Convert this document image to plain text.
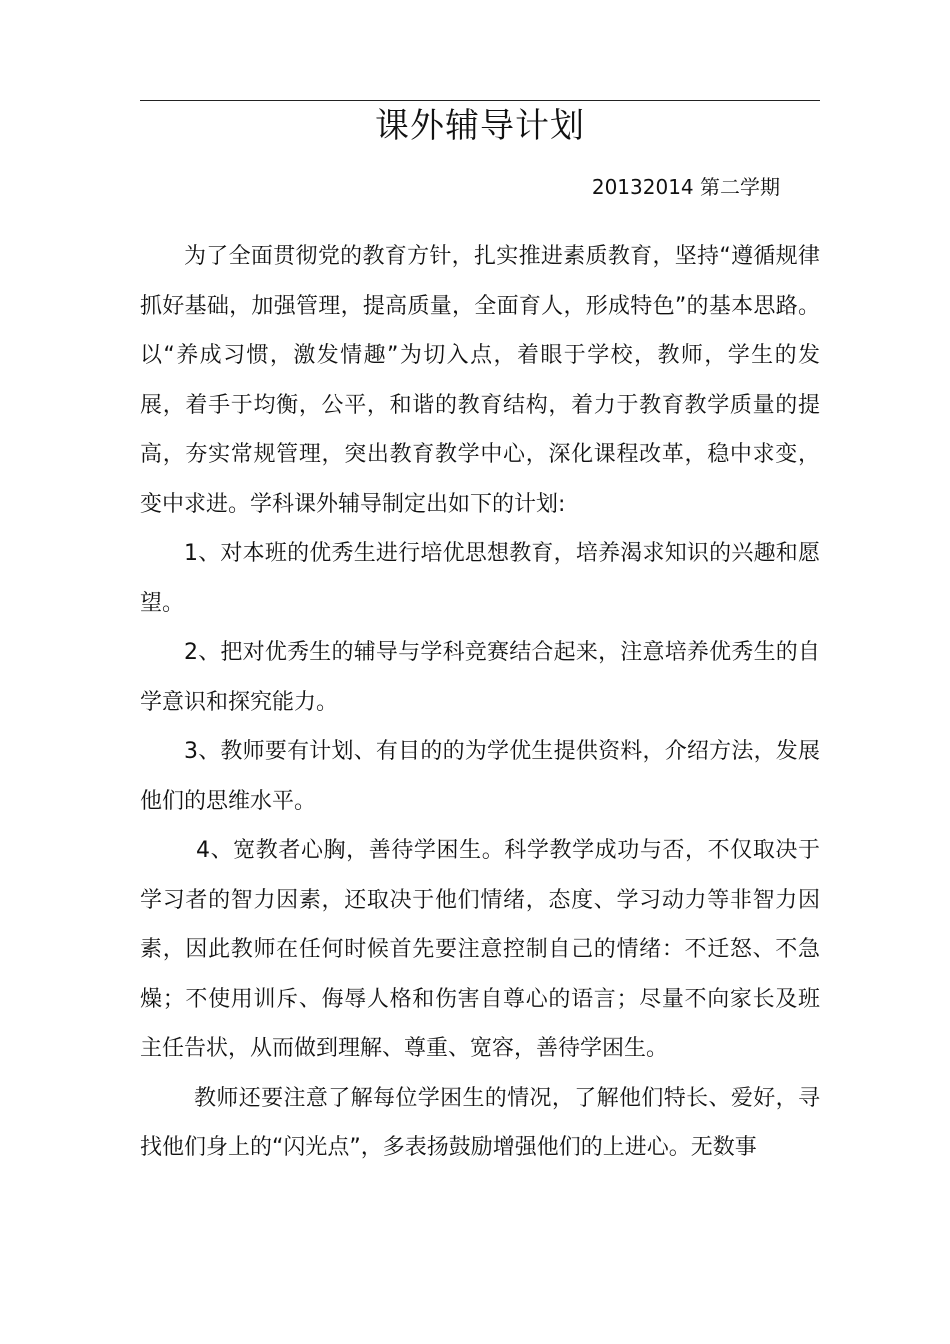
课外辅导计划
20132014 第二学期

为了全面贯彻党的教育方针，扎实推进素质教育，坚持“遵循规律抓好基础，加强管理，提高质量，全面育人，形成特色”的基本思路。以“养成习惯，激发情趣”为切入点，着眼于学校，教师，学生的发展，着手于均衡，公平，和谐的教育结构，着力于教育教学质量的提高，夯实常规管理，突出教育教学中心，深化课程改革，稳中求变，变中求进。学科课外辅导制定出如下的计划:

1、对本班的优秀生进行培优思想教育，培养渴求知识的兴趣和愿望。

2、把对优秀生的辅导与学科竞赛结合起来，注意培养优秀生的自学意识和探究能力。

3、教师要有计划、有目的的为学优生提供资料，介绍方法，发展他们的思维水平。

4、宽教者心胸，善待学困生。科学教学成功与否，不仅取决于学习者的智力因素，还取决于他们情绪，态度、学习动力等非智力因素，因此教师在任何时候首先要注意控制自己的情绪：不迁怒、不急燥；不使用训斥、侮辱人格和伤害自尊心的语言；尽量不向家长及班主任告状，从而做到理解、尊重、宽容，善待学困生。

教师还要注意了解每位学困生的情况，了解他们特长、爱好，寻找他们身上的“闪光点”，多表扬鼓励增强他们的上进心。无数事
